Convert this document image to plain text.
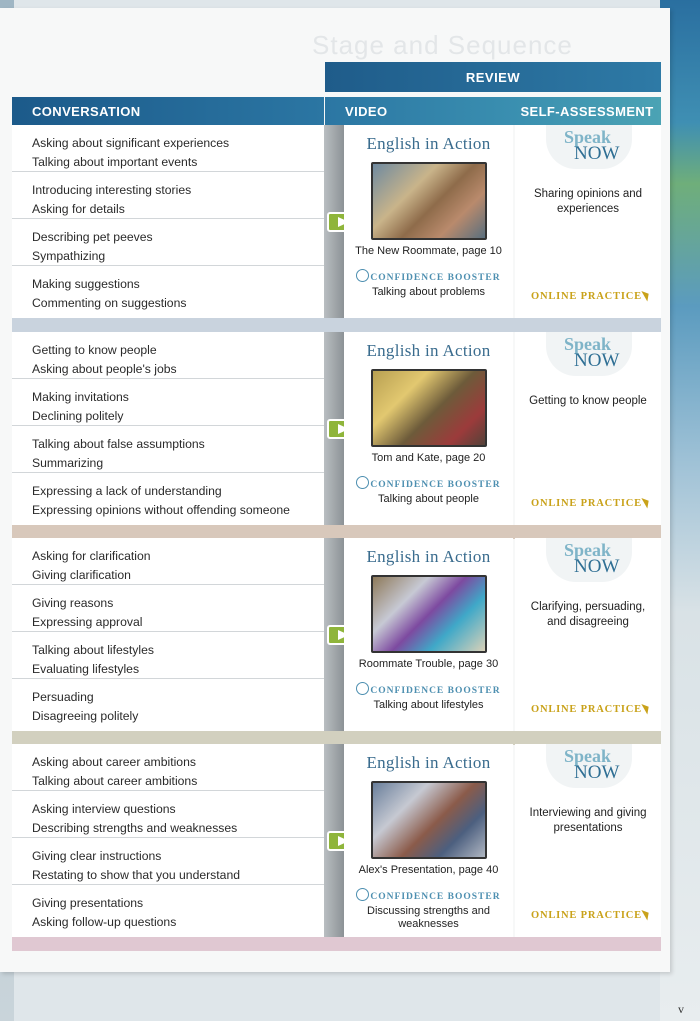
Stage and Sequence
REVIEW
CONVERSATION	VIDEO	SELF-ASSESSMENT
Asking about significant experiences
Talking about important events
Introducing interesting stories
Asking for details
Describing pet peeves
Sympathizing
Making suggestions
Commenting on suggestions
English in Action
The New Roommate, page 10
CONFIDENCE BOOSTER
Talking about problems
Speak
NOW
Sharing opinions and experiences
ONLINE PRACTICE
Getting to know people
Asking about people's jobs
Making invitations
Declining politely
Talking about false assumptions
Summarizing
Expressing a lack of understanding
Expressing opinions without offending someone
English in Action
Tom and Kate, page 20
CONFIDENCE BOOSTER
Talking about people
Speak
NOW
Getting to know people
ONLINE PRACTICE
Asking for clarification
Giving clarification
Giving reasons
Expressing approval
Talking about lifestyles
Evaluating lifestyles
Persuading
Disagreeing politely
English in Action
Roommate Trouble, page 30
CONFIDENCE BOOSTER
Talking about lifestyles
Speak
NOW
Clarifying, persuading, and disagreeing
ONLINE PRACTICE
Asking about career ambitions
Talking about career ambitions
Asking interview questions
Describing strengths and weaknesses
Giving clear instructions
Restating to show that you understand
Giving presentations
Asking follow-up questions
English in Action
Alex's Presentation, page 40
CONFIDENCE BOOSTER
Discussing strengths and weaknesses
Speak
NOW
Interviewing and giving presentations
ONLINE PRACTICE
v
